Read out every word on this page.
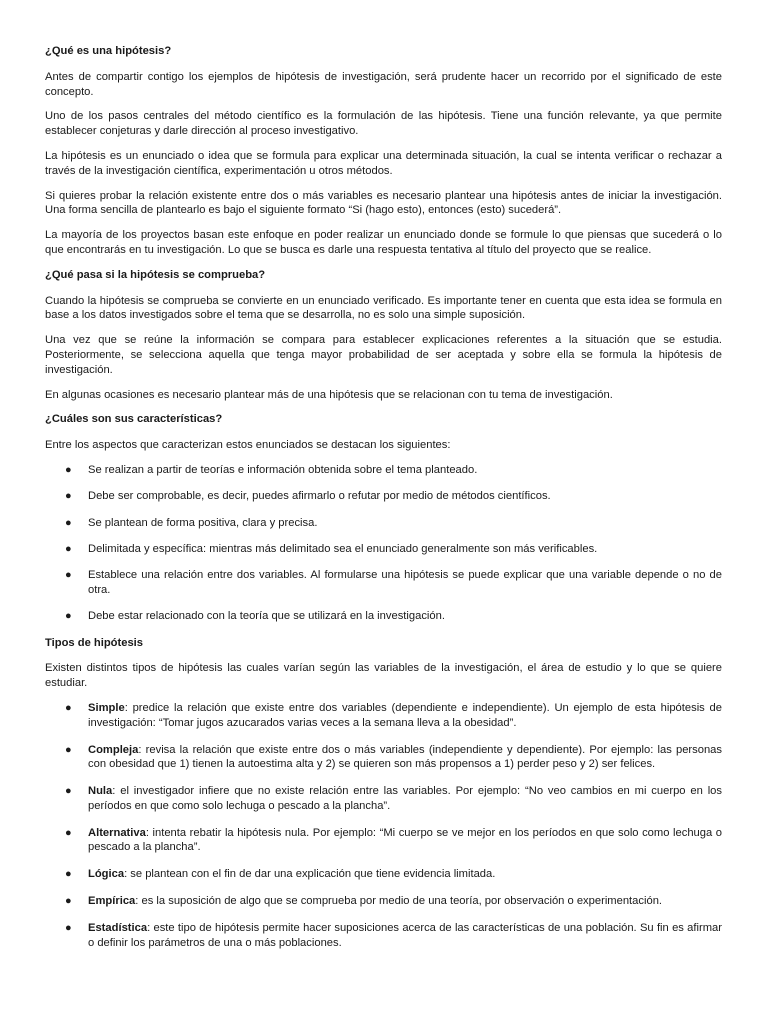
¿Qué es una hipótesis?

Antes de compartir contigo los ejemplos de hipótesis de investigación, será prudente hacer un recorrido por el significado de este concepto.

Uno de los pasos centrales del método científico es la formulación de las hipótesis. Tiene una función relevante, ya que permite establecer conjeturas y darle dirección al proceso investigativo.

La hipótesis es un enunciado o idea que se formula para explicar una determinada situación, la cual se intenta verificar o rechazar a través de la investigación científica, experimentación u otros métodos.

Si quieres probar la relación existente entre dos o más variables es necesario plantear una hipótesis antes de iniciar la investigación. Una forma sencilla de plantearlo es bajo el siguiente formato “Si (hago esto), entonces (esto) sucederá”.

La mayoría de los proyectos basan este enfoque en poder realizar un enunciado donde se formule lo que piensas que sucederá o lo que encontrarás en tu investigación. Lo que se busca es darle una respuesta tentativa al título del proyecto que se realice.

¿Qué pasa si la hipótesis se comprueba?

Cuando la hipótesis se comprueba se convierte en un enunciado verificado. Es importante tener en cuenta que esta idea se formula en base a los datos investigados sobre el tema que se desarrolla, no es solo una simple suposición.

Una vez que se reúne la información se compara para establecer explicaciones referentes a la situación que se estudia. Posteriormente, se selecciona aquella que tenga mayor probabilidad de ser aceptada y sobre ella se formula la hipótesis de investigación.

En algunas ocasiones es necesario plantear más de una hipótesis que se relacionan con tu tema de investigación.

¿Cuáles son sus características?

Entre los aspectos que caracterizan estos enunciados se destacan los siguientes:

● Se realizan a partir de teorías e información obtenida sobre el tema planteado.
● Debe ser comprobable, es decir, puedes afirmarlo o refutar por medio de métodos científicos.
● Se plantean de forma positiva, clara y precisa.
● Delimitada y específica: mientras más delimitado sea el enunciado generalmente son más verificables.
● Establece una relación entre dos variables. Al formularse una hipótesis se puede explicar que una variable depende o no de otra.
● Debe estar relacionado con la teoría que se utilizará en la investigación.
Tipos de hipótesis

Existen distintos tipos de hipótesis las cuales varían según las variables de la investigación, el área de estudio y lo que se quiere estudiar.

● Simple: predice la relación que existe entre dos variables (dependiente e independiente). Un ejemplo de esta hipótesis de investigación: “Tomar jugos azucarados varias veces a la semana lleva a la obesidad”.
● Compleja: revisa la relación que existe entre dos o más variables (independiente y dependiente). Por ejemplo: las personas con obesidad que 1) tienen la autoestima alta y 2) se quieren son más propensos a 1) perder peso y 2) ser felices.
● Nula: el investigador infiere que no existe relación entre las variables. Por ejemplo: “No veo cambios en mi cuerpo en los períodos en que como solo lechuga o pescado a la plancha”.
● Alternativa: intenta rebatir la hipótesis nula. Por ejemplo: “Mi cuerpo se ve mejor en los períodos en que solo como lechuga o pescado a la plancha”.
● Lógica: se plantean con el fin de dar una explicación que tiene evidencia limitada.
● Empírica: es la suposición de algo que se comprueba por medio de una teoría, por observación o experimentación.
● Estadística: este tipo de hipótesis permite hacer suposiciones acerca de las características de una población. Su fin es afirmar o definir los parámetros de una o más poblaciones.
